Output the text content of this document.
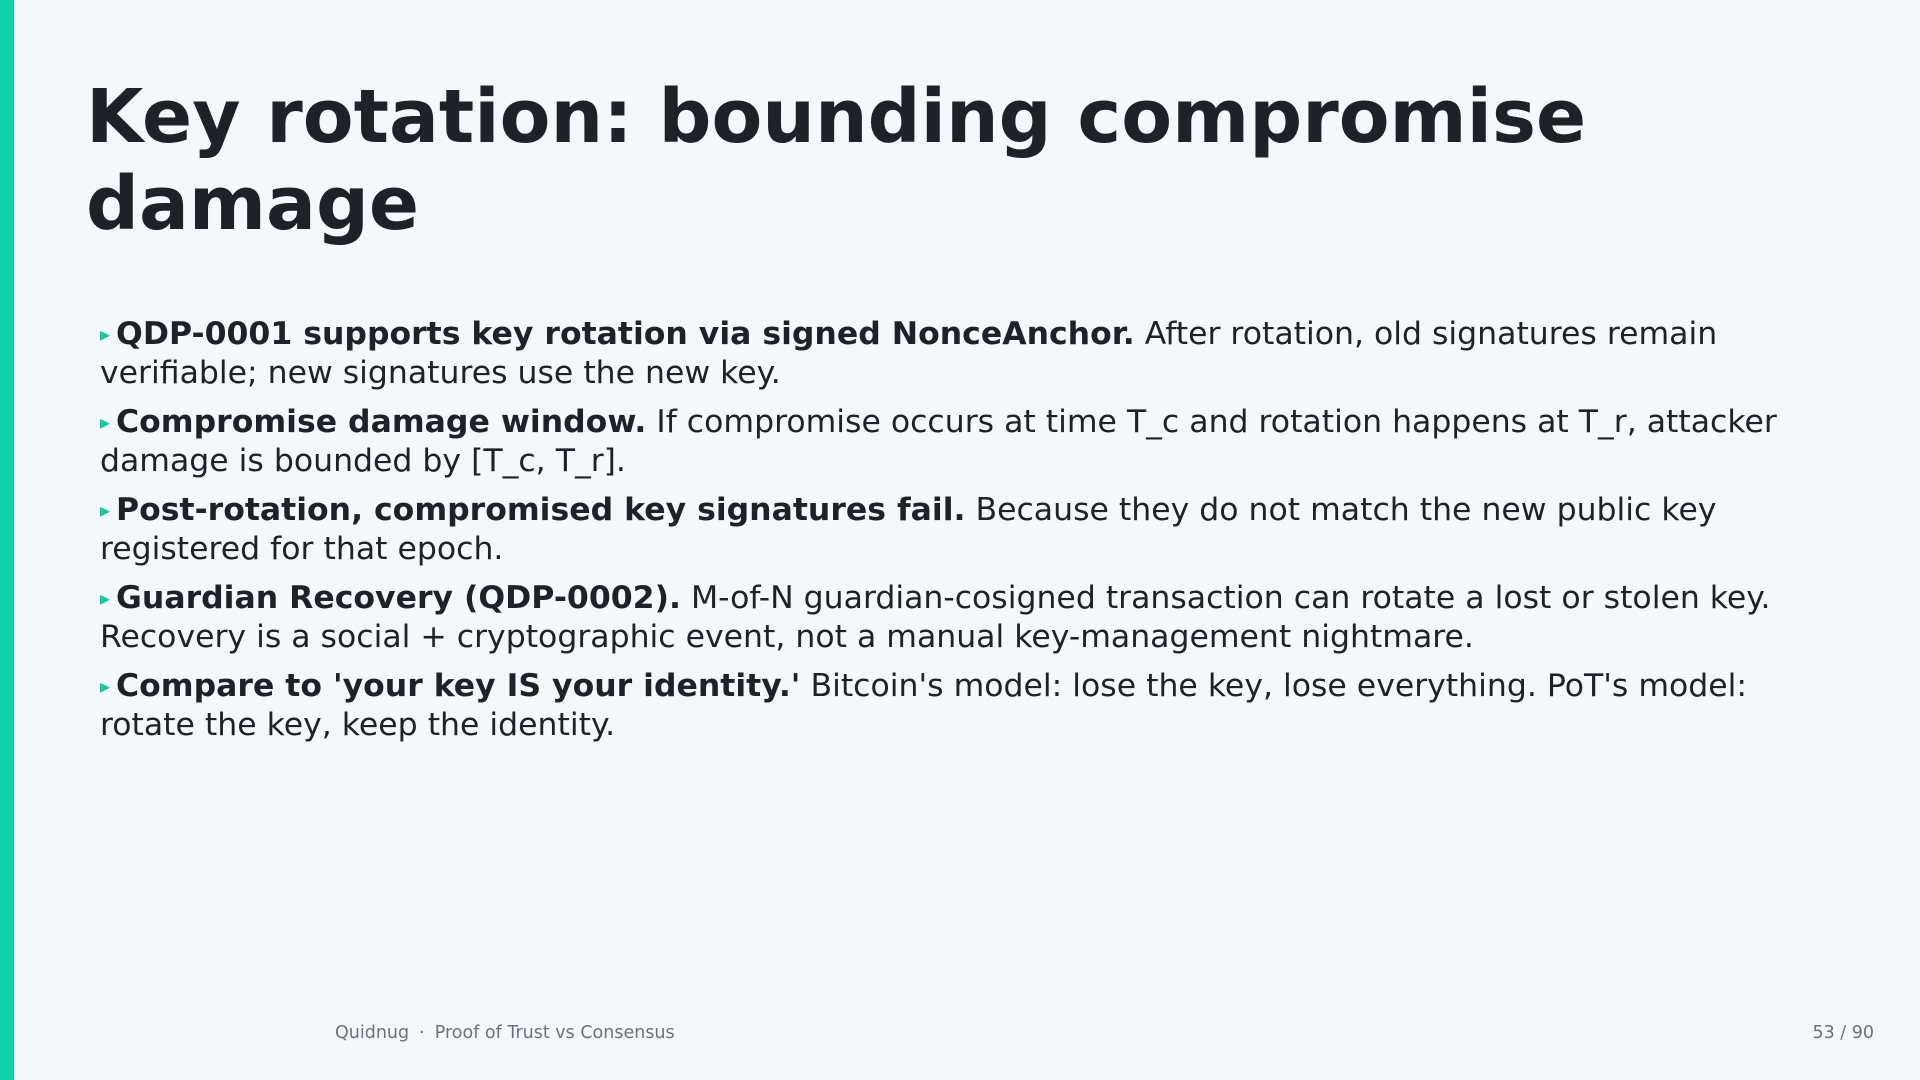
Key rotation: bounding compromise damage
▸ QDP-0001 supports key rotation via signed NonceAnchor. After rotation, old signatures remain verifiable; new signatures use the new key.
▸ Compromise damage window. If compromise occurs at time T_c and rotation happens at T_r, attacker damage is bounded by [T_c, T_r].
▸ Post-rotation, compromised key signatures fail. Because they do not match the new public key registered for that epoch.
▸ Guardian Recovery (QDP-0002). M-of-N guardian-cosigned transaction can rotate a lost or stolen key. Recovery is a social + cryptographic event, not a manual key-management nightmare.
▸ Compare to 'your key IS your identity.' Bitcoin's model: lose the key, lose everything. PoT's model: rotate the key, keep the identity.
Quidnug · Proof of Trust vs Consensus	53 / 90
